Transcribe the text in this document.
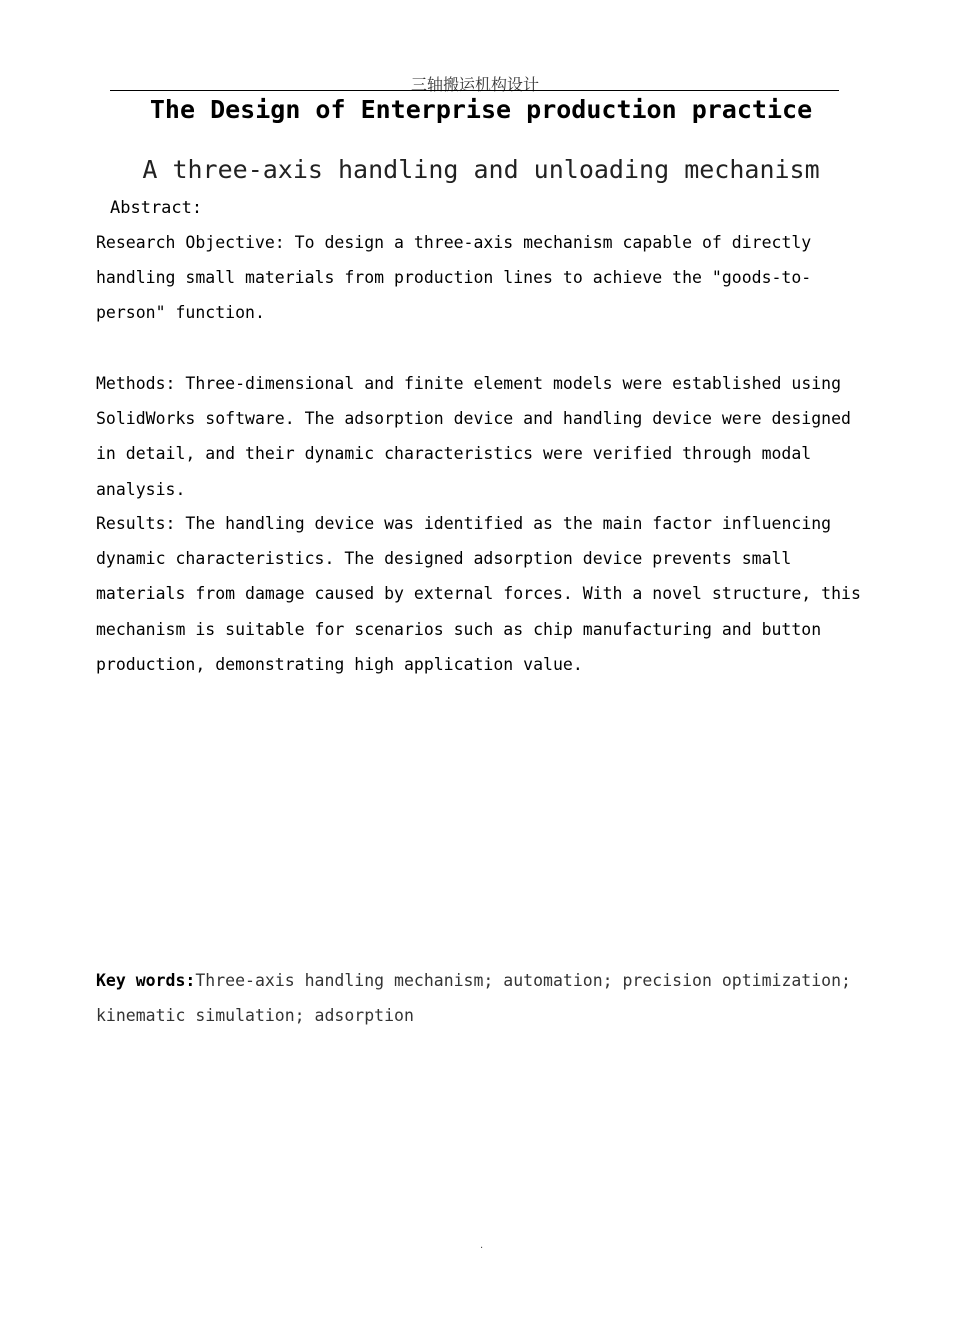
三轴搬运机构设计
The Design of Enterprise production practice
A three-axis handling and unloading mechanism
Abstract:

Research Objective: To design a three-axis mechanism capable of directly handling small materials from production lines to achieve the "goods-to-person" function.

Methods: Three-dimensional and finite element models were established using SolidWorks software. The adsorption device and handling device were designed in detail, and their dynamic characteristics were verified through modal analysis.

Results: The handling device was identified as the main factor influencing dynamic characteristics. The designed adsorption device prevents small materials from damage caused by external forces. With a novel structure, this mechanism is suitable for scenarios such as chip manufacturing and button production, demonstrating high application value.

Key words:Three-axis handling mechanism; automation; precision optimization; kinematic simulation; adsorption

.
